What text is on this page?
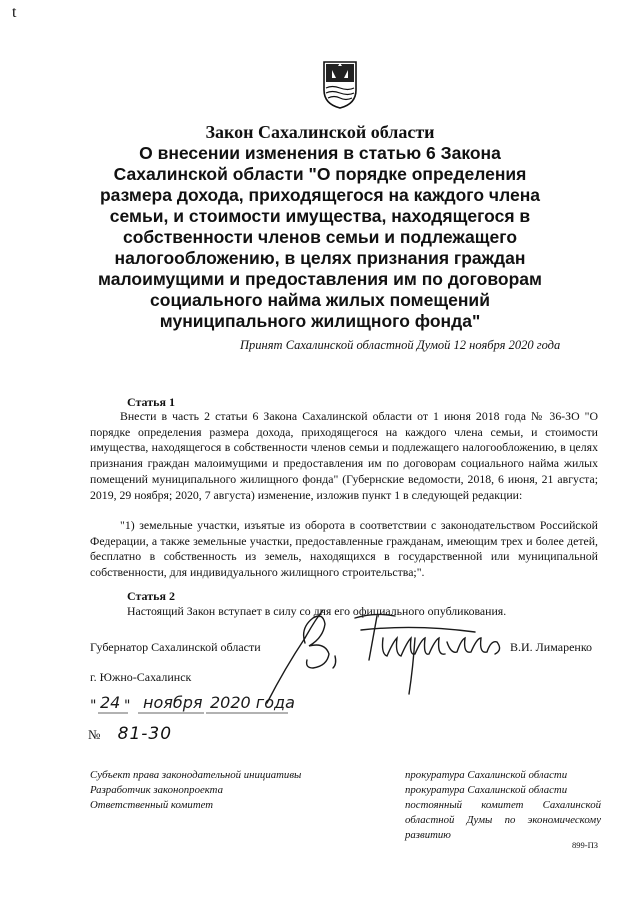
t
Закон Сахалинской области
О внесении изменения в статью 6 Закона
Сахалинской области "О порядке определения
размера дохода, приходящегося на каждого члена
семьи, и стоимости имущества, находящегося в
собственности членов семьи и подлежащего
налогообложению, в целях признания граждан
малоимущими и предоставления им по договорам
социального найма жилых помещений
муниципального жилищного фонда"
Принят Сахалинской областной Думой 12 ноября 2020 года
Статья 1
Внести в часть 2 статьи 6 Закона Сахалинской области от 1 июня 2018 года № 36-ЗО "О порядке определения размера дохода, приходящегося на каждого члена семьи, и стоимости имущества, находящегося в собственности членов семьи и подлежащего налогообложению, в целях признания граждан малоимущими и предоставления им по договорам социального найма жилых помещений муниципального жилищного фонда" (Губернские ведомости, 2018, 6 июня, 21 августа; 2019, 29 ноября; 2020, 7 августа) изменение, изложив пункт 1 в следующей редакции:
"1) земельные участки, изъятые из оборота в соответствии с законодательством Российской Федерации, а также земельные участки, предоставленные гражданам, имеющим трех и более детей, бесплатно в собственность из земель, находящихся в государственной или муниципальной собственности, для индивидуального жилищного строительства;".
Статья 2
Настоящий Закон вступает в силу со дня его официального опубликования.
Губернатор Сахалинской области	В.И. Лимаренко
г. Южно-Сахалинск
" 24 " ноября 2020 года
№ 81-30
Субъект права законодательной инициативы
Разработчик законопроекта
Ответственный комитет
прокуратура Сахалинской области
прокуратура Сахалинской области
постоянный комитет Сахалинской
областной Думы по экономическому
развитию
899-ПЗ
